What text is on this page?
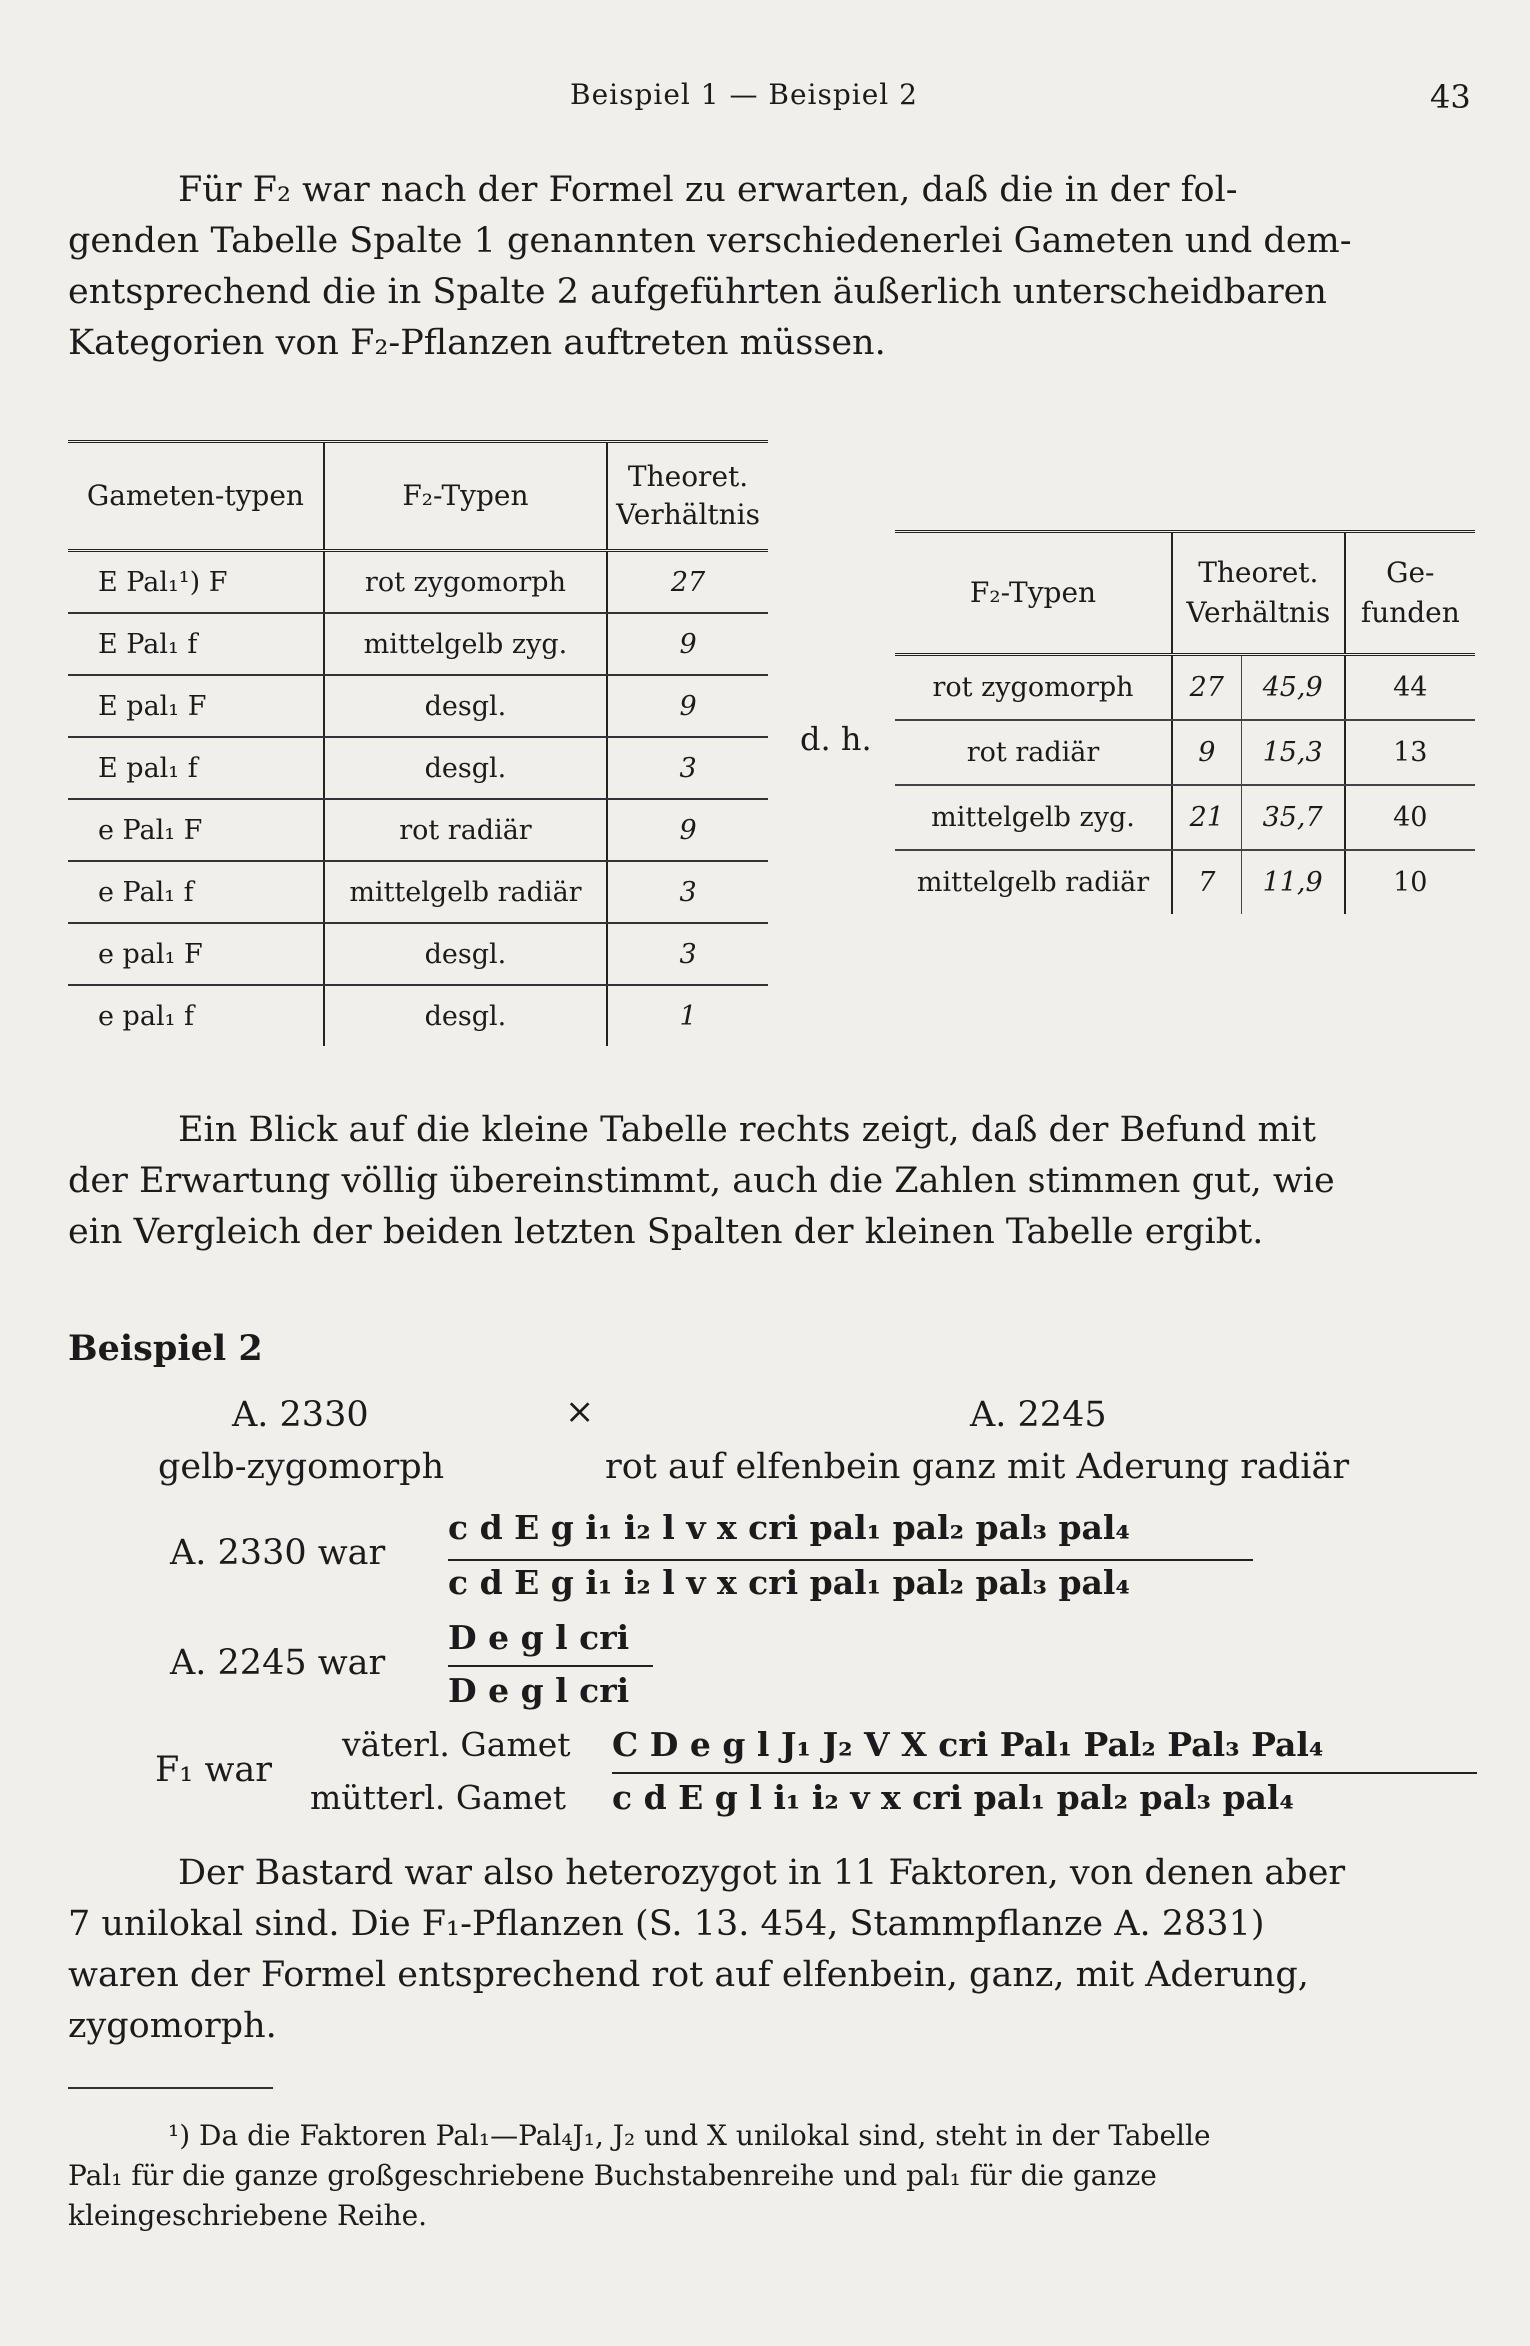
Beispiel 1 — Beispiel 2	43
Für F₂ war nach der Formel zu erwarten, daß die in der fol-
genden Tabelle Spalte 1 genannten verschiedenerlei Gameten und dem-
entsprechend die in Spalte 2 aufgeführten äußerlich unterscheidbaren
Kategorien von F₂-Pflanzen auftreten müssen.
Gameten-typen	F₂-Typen	Theoret. Verhältnis
E Pal₁¹) F	rot zygomorph	27
E Pal₁ f	mittelgelb zyg.	9
E pal₁ F	desgl.	9
E pal₁ f	desgl.	3
e Pal₁ F	rot radiär	9
e Pal₁ f	mittelgelb radiär	3
e pal₁ F	desgl.	3
e pal₁ f	desgl.	1
d. h.
F₂-Typen	Theoret. Verhältnis		Ge-funden
rot zygomorph	27	45,9	44
rot radiär	9	15,3	13
mittelgelb zyg.	21	35,7	40
mittelgelb radiär	7	11,9	10
Ein Blick auf die kleine Tabelle rechts zeigt, daß der Befund mit
der Erwartung völlig übereinstimmt, auch die Zahlen stimmen gut, wie
ein Vergleich der beiden letzten Spalten der kleinen Tabelle ergibt.
Beispiel 2
A. 2330	×	A. 2245
gelb-zygomorph	rot auf elfenbein ganz mit Aderung radiär
A. 2330 war
c d E g i₁ i₂ l v x cri pal₁ pal₂ pal₃ pal₄
c d E g i₁ i₂ l v x cri pal₁ pal₂ pal₃ pal₄
A. 2245 war
D e g l cri
D e g l cri
F₁ war
väterl. Gamet C D e g l J₁ J₂ V X cri Pal₁ Pal₂ Pal₃ Pal₄
mütterl. Gamet c d E g l i₁ i₂ v x cri pal₁ pal₂ pal₃ pal₄
Der Bastard war also heterozygot in 11 Faktoren, von denen aber
7 unilokal sind. Die F₁-Pflanzen (S. 13. 454, Stammpflanze A. 2831)
waren der Formel entsprechend rot auf elfenbein, ganz, mit Aderung,
zygomorph.
¹) Da die Faktoren Pal₁—Pal₄J₁, J₂ und X unilokal sind, steht in der Tabelle
Pal₁ für die ganze großgeschriebene Buchstabenreihe und pal₁ für die ganze
kleingeschriebene Reihe.
